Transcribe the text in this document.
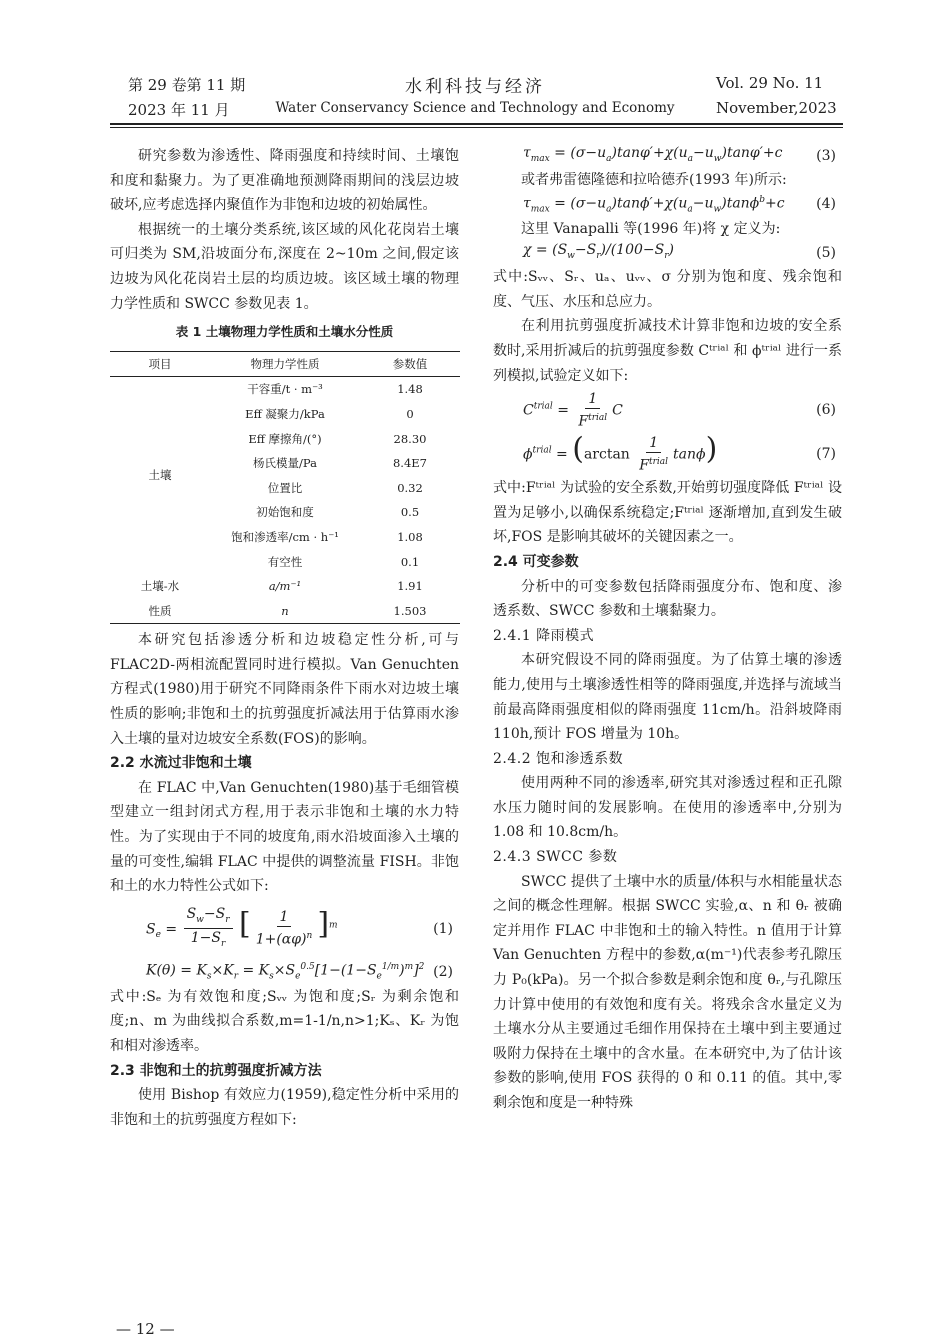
第 29 卷第 11 期
2023 年 11 月
水利科技与经济
Water Conservancy Science and Technology and Economy
Vol. 29 No. 11
November,2023

研究参数为渗透性、降雨强度和持续时间、土壤饱和度和黏聚力。为了更准确地预测降雨期间的浅层边坡破坏,应考虑选择内聚值作为非饱和边坡的初始属性。

根据统一的土壤分类系统,该区域的风化花岗岩土壤可归类为 SM,沿坡面分布,深度在 2~10m 之间,假定该边坡为风化花岗岩土层的均质边坡。该区域土壤的物理力学性质和 SWCC 参数见表 1。

表 1 土壤物理力学性质和土壤水分性质
项目	物理力学性质	参数值
土壤	干容重/t · m⁻³	1.48
	Eff 凝聚力/kPa	0
	Eff 摩擦角/(°)	28.30
	杨氏模量/Pa	8.4E7
	位置比	0.32
	初始饱和度	0.5
	饱和渗透率/cm · h⁻¹	1.08
	有空性	0.1
土壤-水	a/m⁻¹	1.91
性质	n	1.503

本研究包括渗透分析和边坡稳定性分析,可与 FLAC2D-两相流配置同时进行模拟。Van Genuchten 方程式(1980)用于研究不同降雨条件下雨水对边坡土壤性质的影响;非饱和土的抗剪强度折减法用于估算雨水渗入土壤的量对边坡安全系数(FOS)的影响。

2.2 水流过非饱和土壤

在 FLAC 中,Van Genuchten(1980)基于毛细管模型建立一组封闭式方程,用于表示非饱和土壤的水力特性。为了实现由于不同的坡度角,雨水沿坡面渗入土壤的量的可变性,编辑 FLAC 中提供的调整流量 FISH。非饱和土的水力特性公式如下:

$S_e = \frac{S_w-S_r}{1-S_r}$ [ $\frac{1}{1+(\alpha\varphi)^n} ]^m$	(1)
$K(\theta) = K_s\times K_r = K_s\times S_e^{0.5}[1-(1-S_e^{1/m})^m]^2$ (2)

式中:Sₑ 为有效饱和度;Sᵥᵥ 为饱和度;Sᵣ 为剩余饱和度;n、m 为曲线拟合系数,m=1-1/n,n>1;Kₛ、Kᵣ 为饱和相对渗透率。

2.3 非饱和土的抗剪强度折减方法

使用 Bishop 有效应力(1959),稳定性分析中采用的非饱和土的抗剪强度方程如下:

— 12 —
$\tau_{max} = (\sigma-u_a)\tan\varphi'+\chi(u_a-u_w)\tan\varphi'+c$ (3)

或者弗雷德隆德和拉哈德乔(1993 年)所示:

$\tau_{max} = (\sigma-u_a)\tan\phi'+\chi(u_a-u_w)\tan\phi^b+c$ (4)

这里 Vanapalli 等(1996 年)将 χ 定义为:

$\chi = (S_w-S_r)/(100-S_r)$	(5)

式中:Sᵥᵥ、Sᵣ、uₐ、uᵥᵥ、σ 分别为饱和度、残余饱和度、气压、水压和总应力。

在利用抗剪强度折减技术计算非饱和边坡的安全系数时,采用折减后的抗剪强度参数 Cᵗʳⁱᵃˡ 和 ϕᵗʳⁱᵃˡ 进行一系列模拟,试验定义如下:

$C^{trial} = \frac{1}{F^{trial}}$ C	(6)
$\phi^{trial} = (\arctan \frac{1}{F^{trial}} \tan\phi)$	(7)

式中:Fᵗʳⁱᵃˡ 为试验的安全系数,开始剪切强度降低 Fᵗʳⁱᵃˡ 设置为足够小,以确保系统稳定;Fᵗʳⁱᵃˡ 逐渐增加,直到发生破坏,FOS 是影响其破坏的关键因素之一。

2.4 可变参数

分析中的可变参数包括降雨强度分布、饱和度、渗透系数、SWCC 参数和土壤黏聚力。

2.4.1 降雨模式

本研究假设不同的降雨强度。为了估算土壤的渗透能力,使用与土壤渗透性相等的降雨强度,并选择与流域当前最高降雨强度相似的降雨强度 11cm/h。沿斜坡降雨 110h,预计 FOS 增量为 10h。

2.4.2 饱和渗透系数

使用两种不同的渗透率,研究其对渗透过程和正孔隙水压力随时间的发展影响。在使用的渗透率中,分别为 1.08 和 10.8cm/h。

2.4.3 SWCC 参数

SWCC 提供了土壤中水的质量/体积与水相能量状态之间的概念性理解。根据 SWCC 实验,α、n 和 θᵣ 被确定并用作 FLAC 中非饱和土的输入特性。n 值用于计算 Van Genuchten 方程中的参数,α(m⁻¹)代表参考孔隙压力 P₀(kPa)。另一个拟合参数是剩余饱和度 θᵣ,与孔隙压力计算中使用的有效饱和度有关。将残余含水量定义为土壤水分从主要通过毛细作用保持在土壤中到主要通过吸附力保持在土壤中的含水量。在本研究中,为了估计该参数的影响,使用 FOS 获得的 0 和 0.11 的值。其中,零剩余饱和度是一种特殊
